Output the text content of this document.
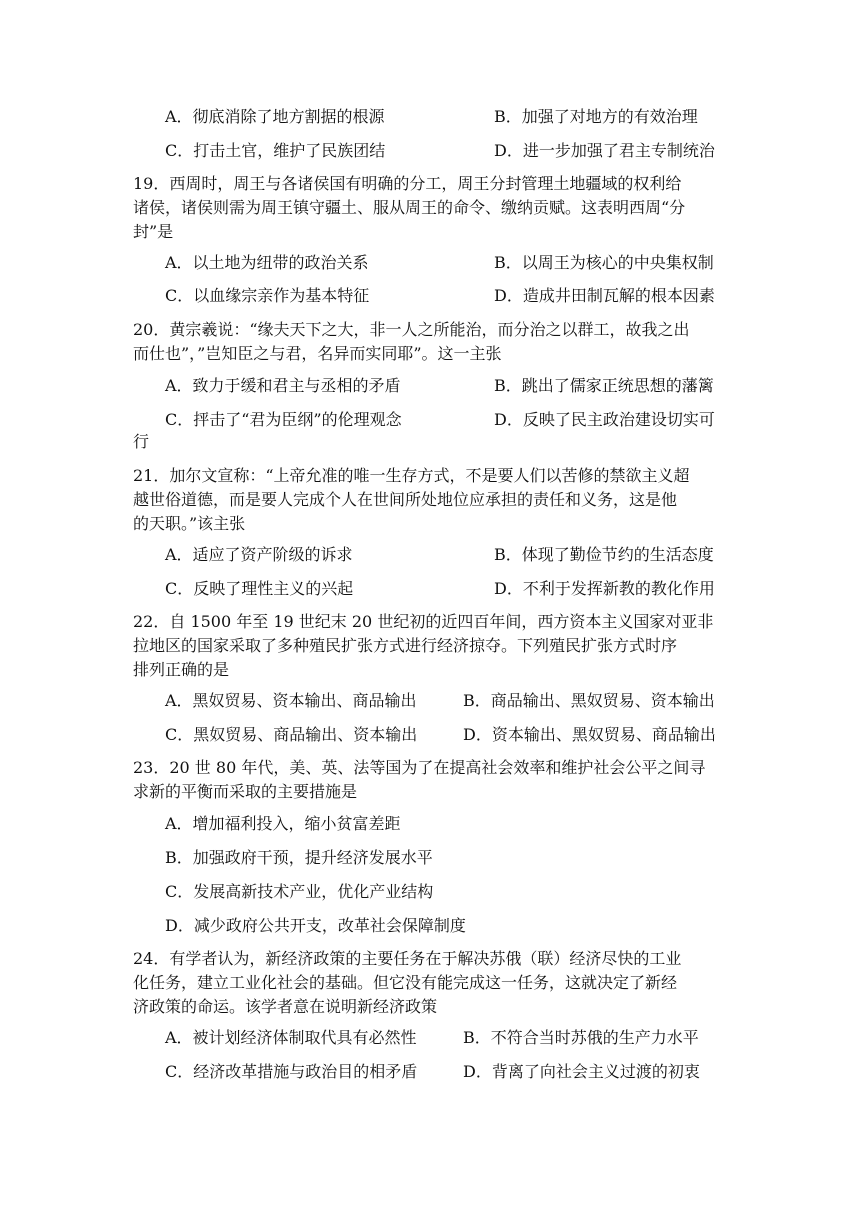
A．彻底消除了地方割据的根源	B．加强了对地方的有效治理
C．打击土官，维护了民族团结	D．进一步加强了君主专制统治
19．西周时，周王与各诸侯国有明确的分工，周王分封管理土地疆域的权利给
诸侯，诸侯则需为周王镇守疆土、服从周王的命令、缴纳贡赋。这表明西周“分
封”是
A．以土地为纽带的政治关系	B．以周王为核心的中央集权制
C．以血缘宗亲作为基本特征	D．造成井田制瓦解的根本因素
20．黄宗羲说：“缘夫天下之大，非一人之所能治，而分治之以群工，故我之出
而仕也”，”岂知臣之与君，名异而实同耶”。这一主张
A．致力于缓和君主与丞相的矛盾	B．跳出了儒家正统思想的藩篱
C．抨击了“君为臣纲”的伦理观念	D．反映了民主政治建设切实可
行
21．加尔文宣称：“上帝允准的唯一生存方式，不是要人们以苦修的禁欲主义超
越世俗道德，而是要人完成个人在世间所处地位应承担的责任和义务，这是他
的天职。”该主张
A．适应了资产阶级的诉求	B．体现了勤俭节约的生活态度
C．反映了理性主义的兴起	D．不利于发挥新教的教化作用
22．自 1500 年至 19 世纪末 20 世纪初的近四百年间，西方资本主义国家对亚非
拉地区的国家采取了多种殖民扩张方式进行经济掠夺。下列殖民扩张方式时序
排列正确的是
A．黑奴贸易、资本输出、商品输出	B．商品输出、黑奴贸易、资本输出
C．黑奴贸易、商品输出、资本输出	D．资本输出、黑奴贸易、商品输出
23．20 世 80 年代，美、英、法等国为了在提高社会效率和维护社会公平之间寻
求新的平衡而采取的主要措施是
A．增加福利投入，缩小贫富差距
B．加强政府干预，提升经济发展水平
C．发展高新技术产业，优化产业结构
D．减少政府公共开支，改革社会保障制度
24．有学者认为，新经济政策的主要任务在于解决苏俄（联）经济尽快的工业
化任务，建立工业化社会的基础。但它没有能完成这一任务，这就决定了新经
济政策的命运。该学者意在说明新经济政策
A．被计划经济体制取代具有必然性	B．不符合当时苏俄的生产力水平
C．经济改革措施与政治目的相矛盾	D．背离了向社会主义过渡的初衷
